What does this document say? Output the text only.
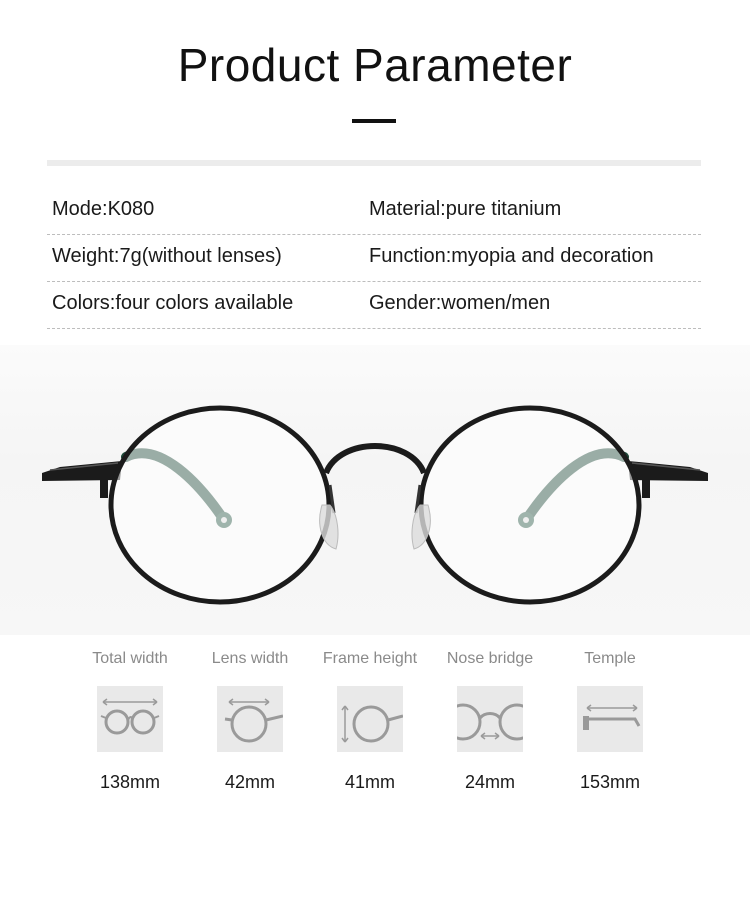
Product Parameter
Mode:K080	Material:pure titanium
Weight:7g(without lenses)	Function:myopia and decoration
Colors:four colors available	Gender:women/men
Total width
138mm
Lens width
42mm
Frame height
41mm
Nose bridge
24mm
Temple
153mm
